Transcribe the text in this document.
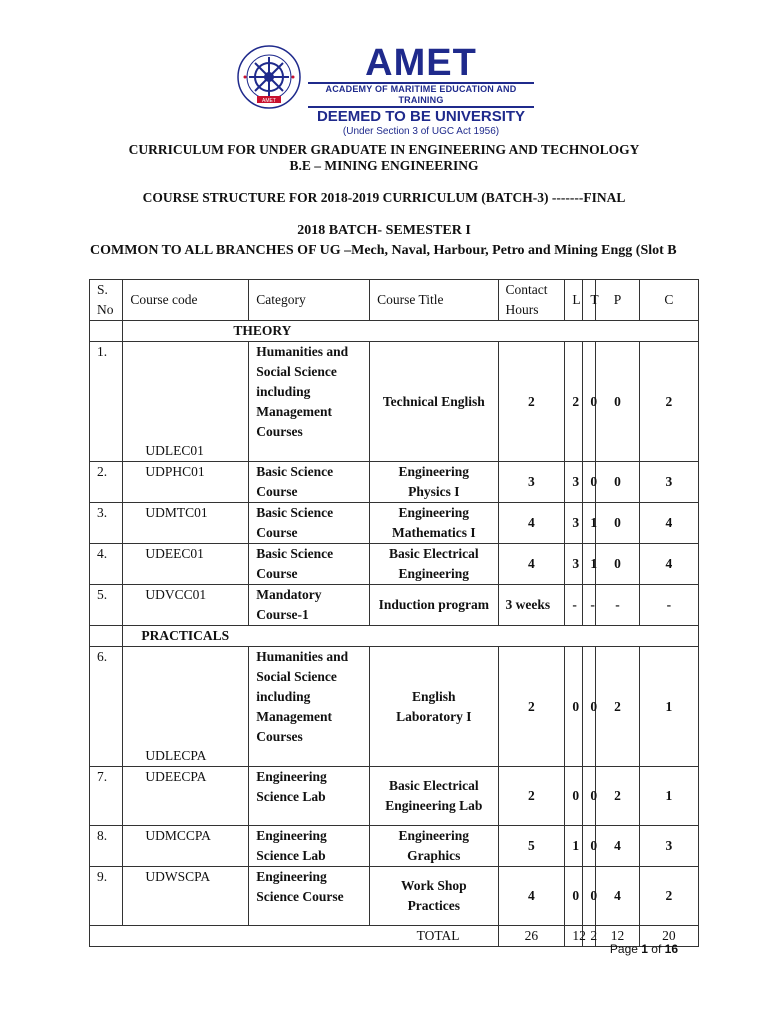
AMET
AMET
ACADEMY OF MARITIME EDUCATION AND TRAINING
DEEMED TO BE UNIVERSITY
(Under Section 3 of UGC Act 1956)
CURRICULUM FOR UNDER GRADUATE IN ENGINEERING AND TECHNOLOGY
B.E – MINING ENGINEERING
COURSE STRUCTURE FOR 2018-2019 CURRICULUM (BATCH-3) -------FINAL
2018 BATCH- SEMESTER I
COMMON TO ALL BRANCHES OF UG –Mech, Naval, Harbour, Petro and Mining Engg (Slot B
S. No	Course code	Category	Course Title	Contact Hours	L	T	P	C
	THEORY							
1.	UDLEC01	Humanities and Social Science including Management Courses	Technical English	2	2	0	0	2
2.	UDPHC01	Basic Science Course	Engineering Physics I	3	3	0	0	3
3.	UDMTC01	Basic Science Course	Engineering Mathematics I	4	3	1	0	4
4.	UDEEC01	Basic Science Course	Basic Electrical Engineering	4	3	1	0	4
5.	UDVCC01	Mandatory Course-1	Induction program	3 weeks	-	-	-	-
	PRACTICALS							
6.	UDLECPA	Humanities and Social Science including Management Courses	English Laboratory I	2	0	0	2	1
7.	UDEECPA	Engineering Science Lab	Basic Electrical Engineering Lab	2	0	0	2	1
8.	UDMCCPA	Engineering Science Lab	Engineering Graphics	5	1	0	4	3
9.	UDWSCPA	Engineering Science Course	Work Shop Practices	4	0	0	4	2
TOTAL				26	12	2	12	20
Page 1 of 16
